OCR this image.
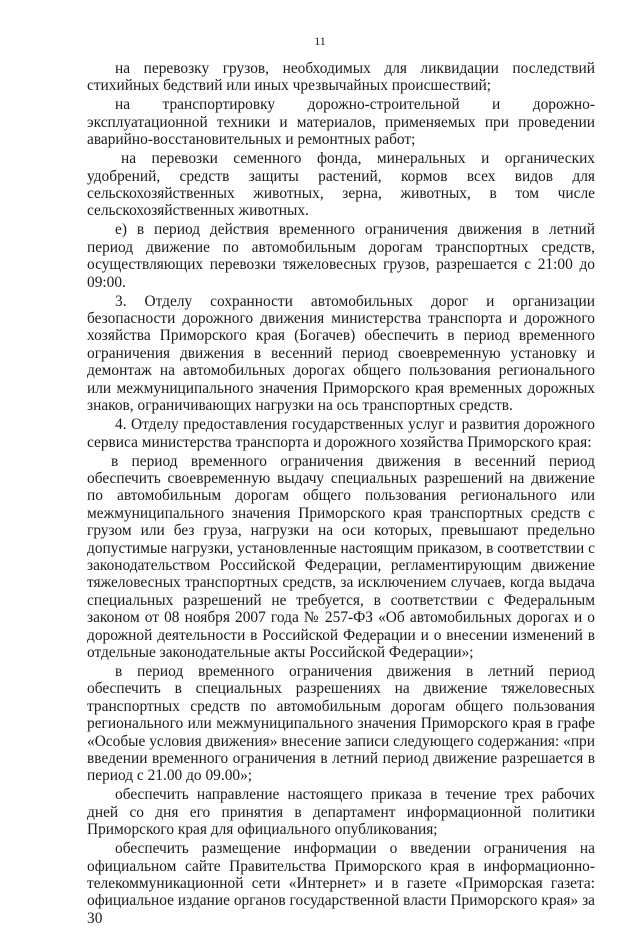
11

на перевозку грузов, необходимых для ликвидации последствий стихийных бедствий или иных чрезвычайных происшествий;

на транспортировку дорожно-строительной и дорожно-эксплуатационной техники и материалов, применяемых при проведении аварийно-восстановительных и ремонтных работ;

на перевозки семенного фонда, минеральных и органических удобрений, средств защиты растений, кормов всех видов для сельскохозяйственных животных, зерна, животных, в том числе сельскохозяйственных животных.

е) в период действия временного ограничения движения в летний период движение по автомобильным дорогам транспортных средств, осуществляющих перевозки тяжеловесных грузов, разрешается с 21:00 до 09:00.

3. Отделу сохранности автомобильных дорог и организации безопасности дорожного движения министерства транспорта и дорожного хозяйства Приморского края (Богачев) обеспечить в период временного ограничения движения в весенний период своевременную установку и демонтаж на автомобильных дорогах общего пользования регионального или межмуниципального значения Приморского края временных дорожных знаков, ограничивающих нагрузки на ось транспортных средств.

4. Отделу предоставления государственных услуг и развития дорожного сервиса министерства транспорта и дорожного хозяйства Приморского края:

в период временного ограничения движения в весенний период обеспечить своевременную выдачу специальных разрешений на движение по автомобильным дорогам общего пользования регионального или межмуниципального значения Приморского края транспортных средств с грузом или без груза, нагрузки на оси которых, превышают предельно допустимые нагрузки, установленные настоящим приказом, в соответствии с законодательством Российской Федерации, регламентирующим движение тяжеловесных транспортных средств, за исключением случаев, когда выдача специальных разрешений не требуется, в соответствии с Федеральным законом от 08 ноября 2007 года № 257-ФЗ «Об автомобильных дорогах и о дорожной деятельности в Российской Федерации и о внесении изменений в отдельные законодательные акты Российской Федерации»;

в период временного ограничения движения в летний период обеспечить в специальных разрешениях на движение тяжеловесных транспортных средств по автомобильным дорогам общего пользования регионального или межмуниципального значения Приморского края в графе «Особые условия движения» внесение записи следующего содержания: «при введении временного ограничения в летний период движение разрешается в период с 21.00 до 09.00»;

обеспечить направление настоящего приказа в течение трех рабочих дней со дня его принятия в департамент информационной политики Приморского края для официального опубликования;

обеспечить размещение информации о введении ограничения на официальном сайте Правительства Приморского края в информационно-телекоммуникационной сети «Интернет» и в газете «Приморская газета: официальное издание органов государственной власти Приморского края» за 30
